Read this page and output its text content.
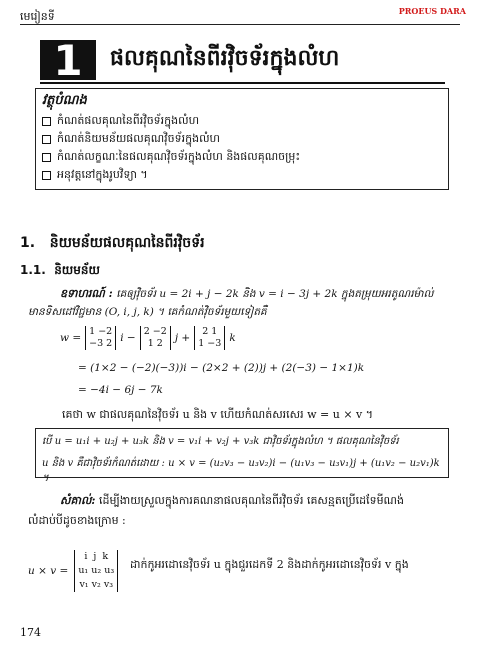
មេរៀនទី	PROEUS DARA
1	ផលគុណនៃពីរវ៉ិចទ័រក្នុងលំហ
វត្ថុបំណង
កំណត់ផលគុណនៃពីរវ៉ិចទ័រក្នុងលំហ
កំណត់និយមន័យផលគុណវ៉ិចទ័រក្នុងលំហ
កំណត់លក្ខណៈនៃផលគុណវ៉ិចទ័រក្នុងលំហ និងផលគុណចម្រុះ
អនុវត្តនៅក្នុងរូបវិទ្យា ។
1. និយមន័យផលគុណនៃពីរវ៉ិចទ័រ
1.1. និយមន័យ
ឧទាហរណ៍ : គេឲ្យវ៉ិចទ័រ u = 2i + j − 2k និង v = i − 3j + 2k ក្នុងតម្រុយអរតូណរម៉ាល់
មានទិសដៅវិជ្ជមាន (O, i, j, k) ។ គេកំណត់វ៉ិចទ័រមួយទៀតគឺ
w =
1 −2
−3 2 i −
2 −2
1 2	j +
2 1
1 −3 k
= (1×2 − (−2)(−3))i − (2×2 + (2))j + (2(−3) − 1×1)k
= −4i − 6j − 7k
គេថា w ជាផលគុណនៃវ៉ិចទ័រ u និង v ហើយកំណត់សរសេរ w = u × v ។
បើ u = u₁i + u₂j + u₃k និង v = v₁i + v₂j + v₃k ជាវ៉ិចទ័រក្នុងលំហ ។ ផលគុណនៃវ៉ិចទ័រ
u និង v គឺជាវ៉ិចទ័រកំណត់ដោយ : u × v = (u₂v₃ − u₃v₂)i − (u₁v₃ − u₃v₁)j + (u₁v₂ − u₂v₁)k ។
សំគាល់: ដើម្បីងាយស្រួលក្នុងការគណនាផលគុណនៃពីរវ៉ិចទ័រ គេសន្មតប្រើដេទែមីណង់
លំដាប់បីដូចខាងក្រោម :
u × v =
i j k
u₁ u₂ u₃
v₁ v₂ v₃
ដាក់កូអរដោនេវ៉ិចទ័រ u ក្នុងជួរដេកទី 2 និងដាក់កូអរដោនេវ៉ិចទ័រ v ក្នុង
174
